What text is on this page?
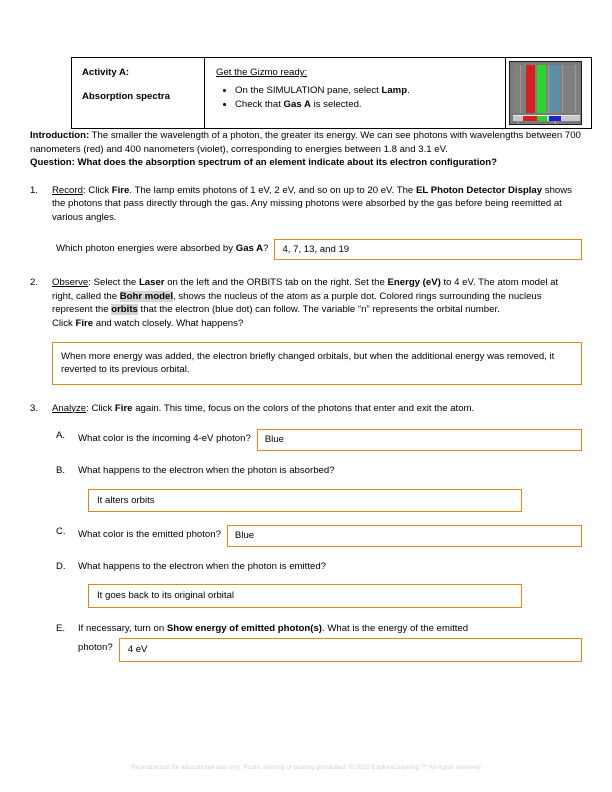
Activity A:
Absorption spectra

Get the Gizmo ready:
• On the SIMULATION pane, select Lamp.
• Check that Gas A is selected.

1	5

Introduction: The smaller the wavelength of a photon, the greater its energy. We can see photons with wavelengths between 700 nanometers (red) and 400 nanometers (violet), corresponding to energies between 1.8 and 3.1 eV.

Question: What does the absorption spectrum of an element indicate about its electron configuration?

1.	Record: Click Fire. The lamp emits photons of 1 eV, 2 eV, and so on up to 20 eV. The EL Photon Detector Display shows the photons that pass directly through the gas. Any missing photons were absorbed by the gas before being reemitted at various angles.

Which photon energies were absorbed by Gas A?	4, 7, 13, and 19
2.	Observe: Select the Laser on the left and the ORBITS tab on the right. Set the Energy (eV) to 4 eV. The atom model at right, called the Bohr model, shows the nucleus of the atom as a purple dot. Colored rings surrounding the nucleus represent the orbits that the electron (blue dot) can follow. The variable “n” represents the orbital number.

Click Fire and watch closely. What happens?

When more energy was added, the electron briefly changed orbitals, but when the additional energy was removed, it reverted to its previous orbital.
3.	Analyze: Click Fire again. This time, focus on the colors of the photons that enter and exit the atom.

A.	What color is the incoming 4-eV photon?	Blue
B.	What happens to the electron when the photon is absorbed?

It alters orbits
C.	What color is the emitted photon?	Blue
D.	What happens to the electron when the photon is emitted?

It goes back to its original orbital
E.	If necessary, turn on Show energy of emitted photon(s). What is the energy of the emitted

photon?	4 eV
Reproduction for educational use only. Public sharing or posting prohibited. © 2020 ExploreLearning ™ All rights reserved
